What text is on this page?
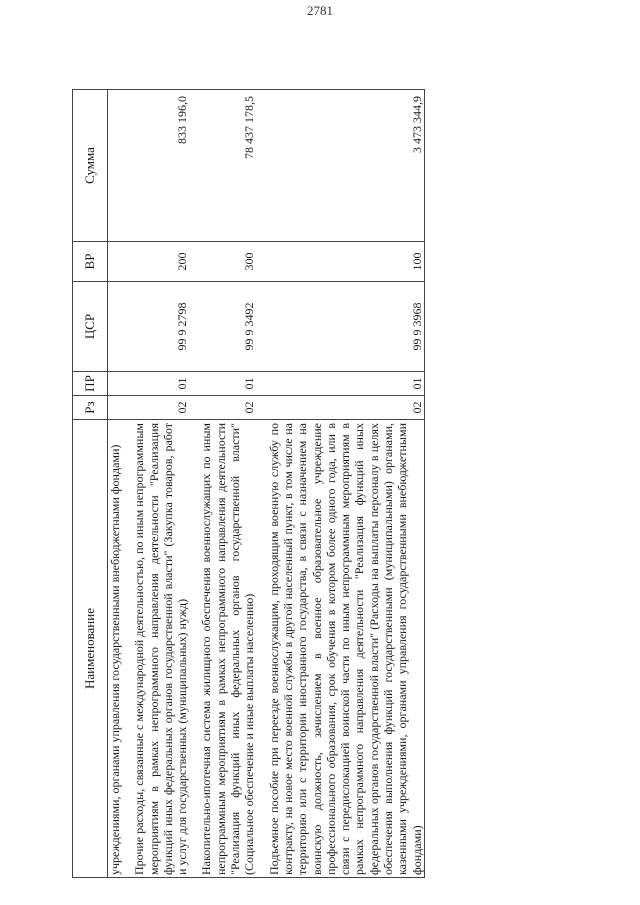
2781
Наименование	Рз	ПР	ЦСР	ВР	Сумма
учреждениями, органами управления государственными внебюджетными фондами)					
Прочие расходы, связанные с международной деятельностью, по иным непрограммным мероприятиям в рамках непрограммного направления деятельности "Реализация функций иных федеральных органов государственной власти" (Закупка товаров, работ и услуг для государственных (муниципальных) нужд)	02	01	99 9 2798	200	833 196,0
Накопительно-ипотечная система жилищного обеспечения военнослужащих по иным непрограммным мероприятиям в рамках непрограммного направления деятельности "Реализация функций иных федеральных органов государственной власти" (Социальное обеспечение и иные выплаты населению)	02	01	99 9 3492	300	78 437 178,5
Подъемное пособие при переезде военнослужащим, проходящим военную службу по контракту, на новое место военной службы в другой населенный пункт, в том числе на территорию или с территории иностранного государства, в связи с назначением на воинскую должность, зачислением в военное образовательное учреждение профессионального образования, срок обучения в котором более одного года, или в связи с передислокацией воинской части по иным непрограммным мероприятиям в рамках непрограммного направления деятельности "Реализация функций иных федеральных органов государственной власти" (Расходы на выплаты персоналу в целях обеспечения выполнения функций государственными (муниципальными) органами, казенными учреждениями, органами управления государственными внебюджетными фондами)	02	01	99 9 3968	100	3 473 344,9
